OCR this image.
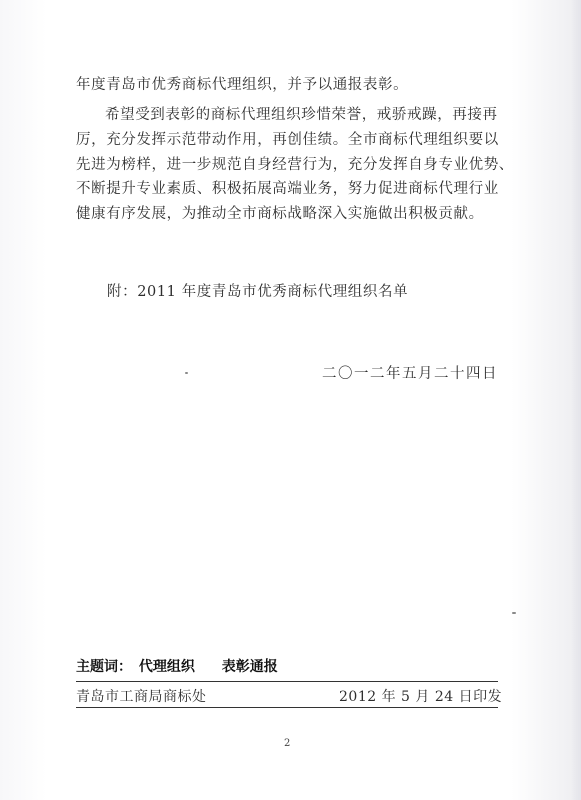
年度青岛市优秀商标代理组织，并予以通报表彰。

希望受到表彰的商标代理组织珍惜荣誉，戒骄戒躁，再接再
厉，充分发挥示范带动作用，再创佳绩。全市商标代理组织要以
先进为榜样，进一步规范自身经营行为，充分发挥自身专业优势、
不断提升专业素质、积极拓展高端业务，努力促进商标代理行业
健康有序发展，为推动全市商标战略深入实施做出积极贡献。

附：2011 年度青岛市优秀商标代理组织名单

二〇一二年五月二十四日

主题词： 代理组织 表彰通报
青岛市工商局商标处	2012 年 5 月 24 日印发
2
